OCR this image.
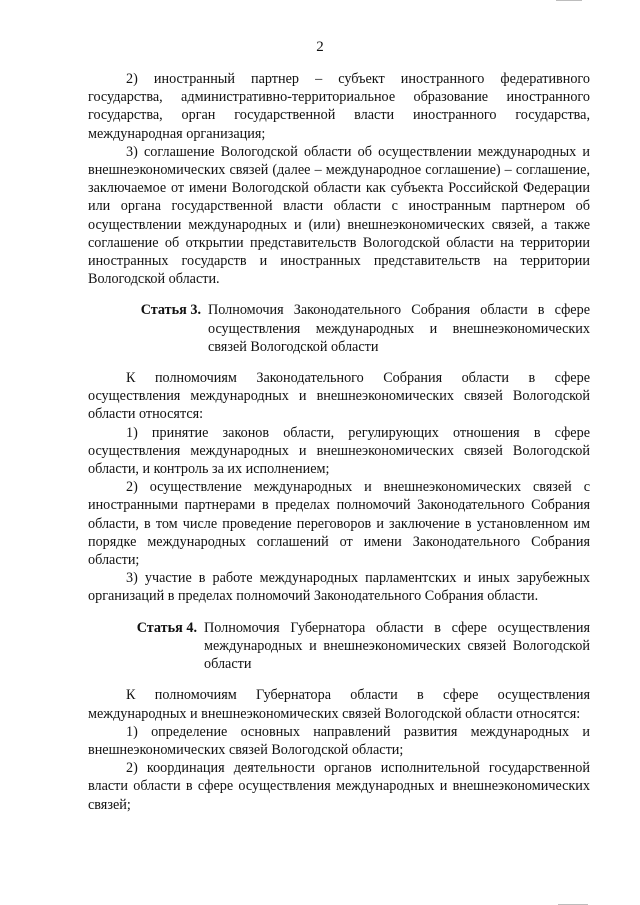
2

2) иностранный партнер – субъект иностранного федеративного государства, административно-территориальное образование иностранного государства, орган государственной власти иностранного государства, международная организация;

3) соглашение Вологодской области об осуществлении международных и внешнеэкономических связей (далее – международное соглашение) – соглашение, заключаемое от имени Вологодской области как субъекта Российской Федерации или органа государственной власти области с иностранным партнером об осуществлении международных и (или) внешнеэкономических связей, а также соглашение об открытии представительств Вологодской области на территории иностранных государств и иностранных представительств на территории Вологодской области.

Статья 3. Полномочия Законодательного Собрания области в сфере осуществления международных и внешнеэкономических связей Вологодской области

К полномочиям Законодательного Собрания области в сфере осуществления международных и внешнеэкономических связей Вологодской области относятся:

1) принятие законов области, регулирующих отношения в сфере осуществления международных и внешнеэкономических связей Вологодской области, и контроль за их исполнением;

2) осуществление международных и внешнеэкономических связей с иностранными партнерами в пределах полномочий Законодательного Собрания области, в том числе проведение переговоров и заключение в установленном им порядке международных соглашений от имени Законодательного Собрания области;

3) участие в работе международных парламентских и иных зарубежных организаций в пределах полномочий Законодательного Собрания области.

Статья 4. Полномочия Губернатора области в сфере осуществления международных и внешнеэкономических связей Вологодской области

К полномочиям Губернатора области в сфере осуществления международных и внешнеэкономических связей Вологодской области относятся:

1) определение основных направлений развития международных и внешнеэкономических связей Вологодской области;

2) координация деятельности органов исполнительной государственной власти области в сфере осуществления международных и внешнеэкономических связей;
